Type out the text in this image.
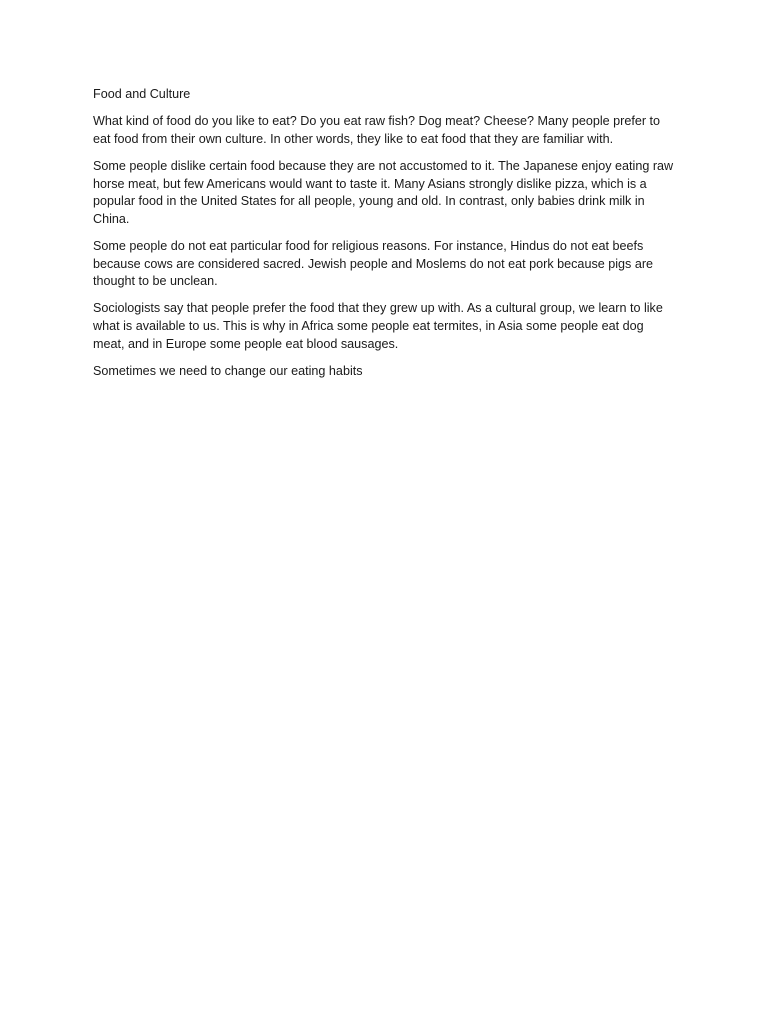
Food and Culture

What kind of food do you like to eat? Do you eat raw fish? Dog meat? Cheese? Many people prefer to eat food from their own culture. In other words, they like to eat food that they are familiar with.

Some people dislike certain food because they are not accustomed to it. The Japanese enjoy eating raw horse meat, but few Americans would want to taste it. Many Asians strongly dislike pizza, which is a popular food in the United States for all people, young and old. In contrast, only babies drink milk in China.

Some people do not eat particular food for religious reasons. For instance, Hindus do not eat beefs because cows are considered sacred. Jewish people and Moslems do not eat pork because pigs are thought to be unclean.

Sociologists say that people prefer the food that they grew up with. As a cultural group, we learn to like what is available to us. This is why in Africa some people eat termites, in Asia some people eat dog meat, and in Europe some people eat blood sausages.

Sometimes we need to change our eating habits
